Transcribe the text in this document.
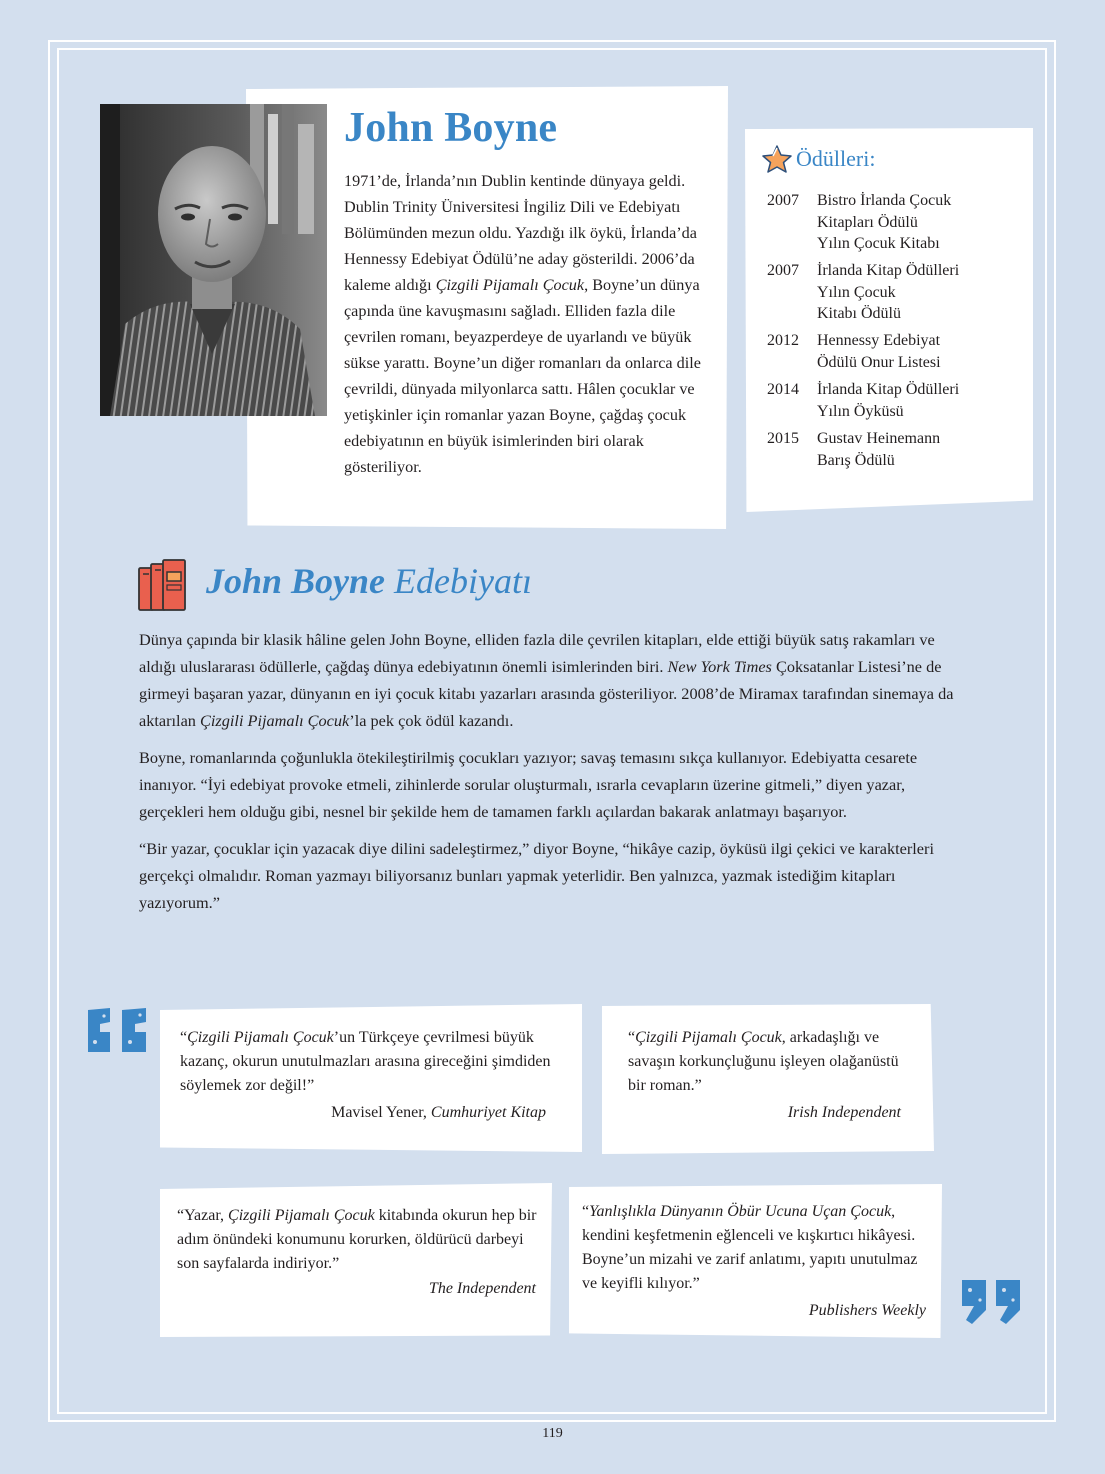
John Boyne

1971’de, İrlanda’nın Dublin kentinde dünyaya geldi. Dublin Trinity Üniversitesi İngiliz Dili ve Edebiyatı Bölümünden mezun oldu. Yazdığı ilk öykü, İrlanda’da Hennessy Edebiyat Ödülü’ne aday gösterildi. 2006’da kaleme aldığı Çizgili Pijamalı Çocuk, Boyne’un dünya çapında üne kavuşmasını sağladı. Elliden fazla dile çevrilen romanı, beyazperdeye de uyarlandı ve büyük sükse yarattı. Boyne’un diğer romanları da onlarca dile çevrildi, dünyada milyonlarca sattı. Hâlen çocuklar ve yetişkinler için romanlar yazan Boyne, çağdaş çocuk edebiyatının en büyük isimlerinden biri olarak gösteriliyor.

Ödülleri:
2007	Bistro İrlanda Çocuk
Kitapları Ödülü
Yılın Çocuk Kitabı
2007	İrlanda Kitap Ödülleri
Yılın Çocuk
Kitabı Ödülü
2012	Hennessy Edebiyat
Ödülü Onur Listesi
2014	İrlanda Kitap Ödülleri
Yılın Öyküsü
2015	Gustav Heinemann
Barış Ödülü
John Boyne Edebiyatı

Dünya çapında bir klasik hâline gelen John Boyne, elliden fazla dile çevrilen kitapları, elde ettiği büyük satış rakamları ve aldığı uluslararası ödüllerle, çağdaş dünya edebiyatının önemli isimlerinden biri. New York Times Çoksatanlar Listesi’ne de girmeyi başaran yazar, dünyanın en iyi çocuk kitabı yazarları arasında gösteriliyor. 2008’de Miramax tarafından sinemaya da aktarılan Çizgili Pijamalı Çocuk’la pek çok ödül kazandı.

Boyne, romanlarında çoğunlukla ötekileştirilmiş çocukları yazıyor; savaş temasını sıkça kullanıyor. Edebiyatta cesarete inanıyor. “İyi edebiyat provoke etmeli, zihinlerde sorular oluşturmalı, ısrarla cevapların üzerine gitmeli,” diyen yazar, gerçekleri hem olduğu gibi, nesnel bir şekilde hem de tamamen farklı açılardan bakarak anlatmayı başarıyor.

“Bir yazar, çocuklar için yazacak diye dilini sadeleştirmez,” diyor Boyne, “hikâye cazip, öyküsü ilgi çekici ve karakterleri gerçekçi olmalıdır. Roman yazmayı biliyorsanız bunları yapmak yeterlidir. Ben yalnızca, yazmak istediğim kitapları yazıyorum.”

“Çizgili Pijamalı Çocuk’un Türkçeye çevrilmesi büyük kazanç, okurun unutulmazları arasına gireceğini şimdiden söylemek zor değil!”
Mavisel Yener, Cumhuriyet Kitap
“Çizgili Pijamalı Çocuk, arkadaşlığı ve savaşın korkunçluğunu işleyen olağanüstü bir roman.”
Irish Independent
“Yazar, Çizgili Pijamalı Çocuk kitabında okurun hep bir adım önündeki konumunu korurken, öldürücü darbeyi son sayfalarda indiriyor.”
The Independent
“Yanlışlıkla Dünyanın Öbür Ucuna Uçan Çocuk, kendini keşfetmenin eğlenceli ve kışkırtıcı hikâyesi. Boyne’un mizahi ve zarif anlatımı, yapıtı unutulmaz ve keyifli kılıyor.”
Publishers Weekly
119
